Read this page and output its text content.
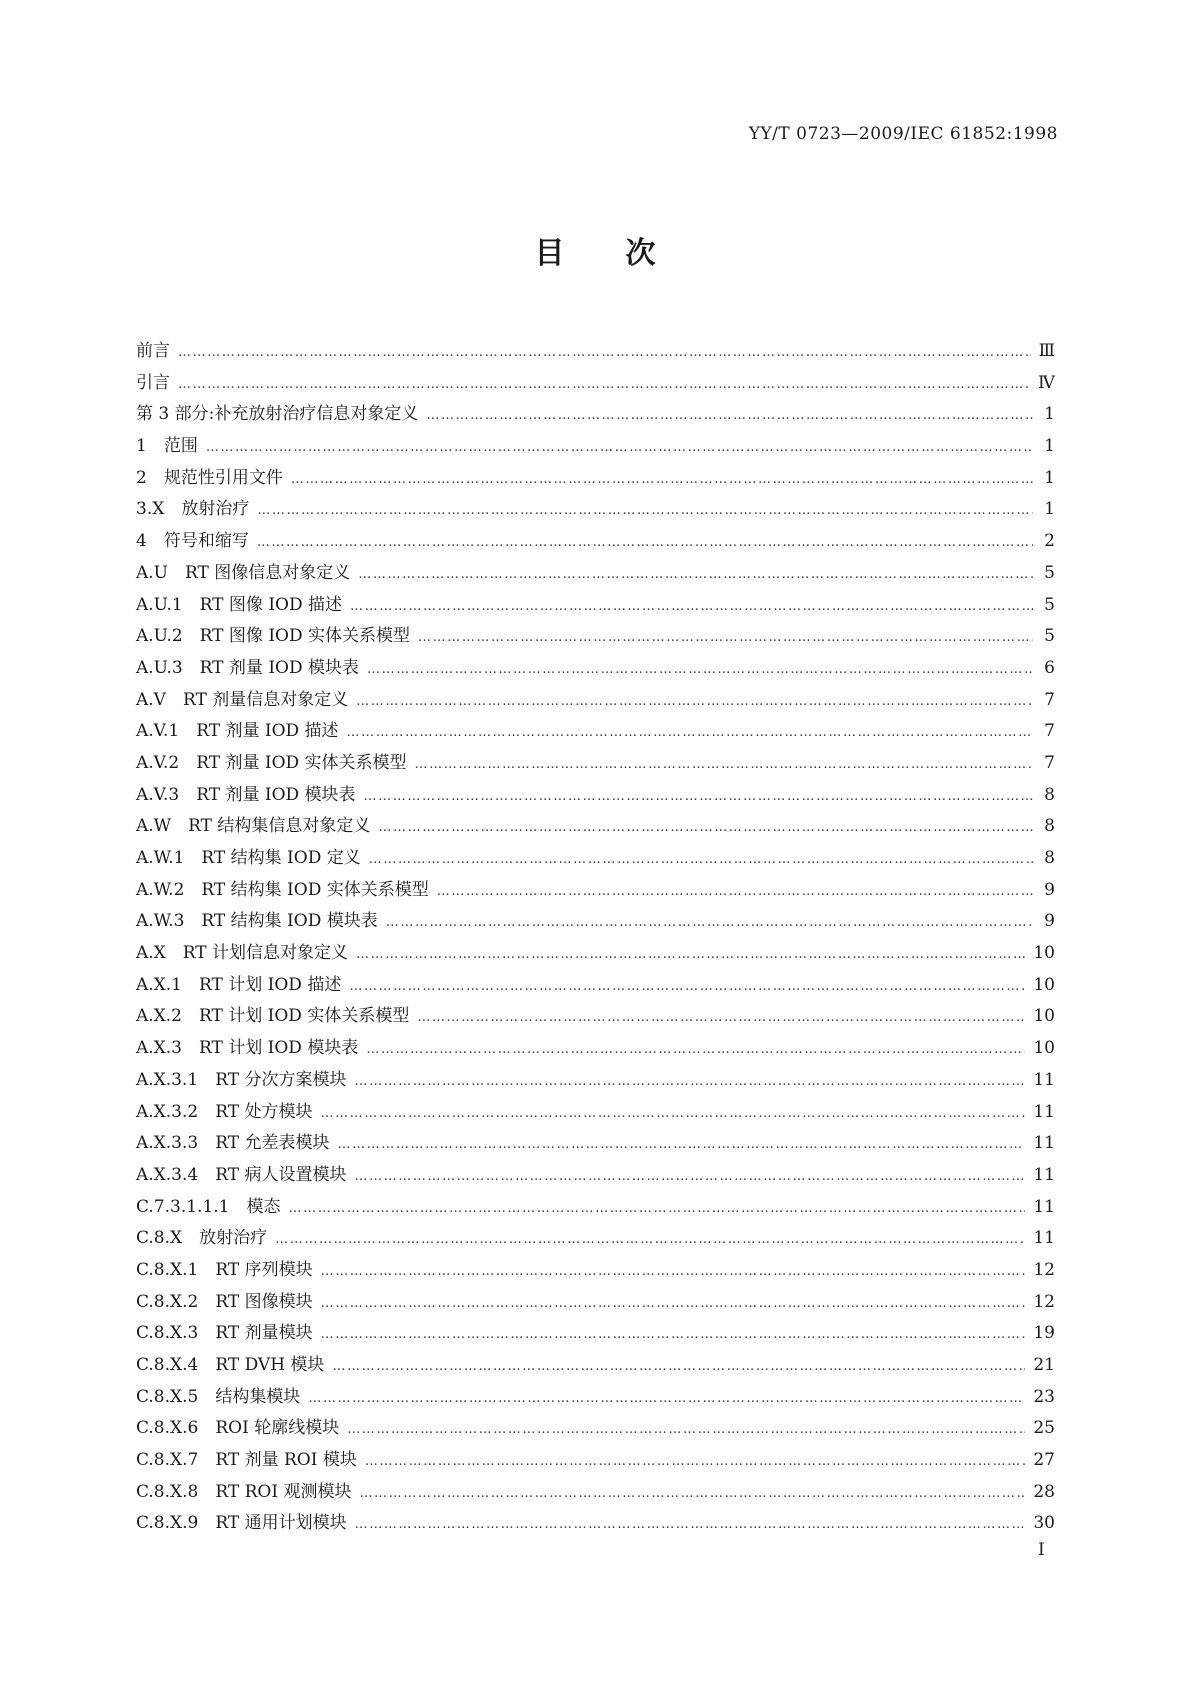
YY/T 0723—2009/IEC 61852:1998
目 次
前言 ……………………………………………………………………………………………………………………………………………………………………………………………………………………………………………………………………	Ⅲ
引言 ……………………………………………………………………………………………………………………………………………………………………………………………………………………………………………………………………	Ⅳ
第 3 部分:补充放射治疗信息对象定义 ……………………………………………………………………………………………………………………………………………………………………………………………………………………………………………………………………	1
1　范围 ……………………………………………………………………………………………………………………………………………………………………………………………………………………………………………………………………	1
2　规范性引用文件 ……………………………………………………………………………………………………………………………………………………………………………………………………………………………………………………………………	1
3.X　放射治疗 ……………………………………………………………………………………………………………………………………………………………………………………………………………………………………………………………………	1
4　符号和缩写 ……………………………………………………………………………………………………………………………………………………………………………………………………………………………………………………………………	2
A.U　RT 图像信息对象定义 ……………………………………………………………………………………………………………………………………………………………………………………………………………………………………………………………………	5
A.U.1　RT 图像 IOD 描述 ……………………………………………………………………………………………………………………………………………………………………………………………………………………………………………………………………	5
A.U.2　RT 图像 IOD 实体关系模型 ……………………………………………………………………………………………………………………………………………………………………………………………………………………………………………………………………	5
A.U.3　RT 剂量 IOD 模块表 ……………………………………………………………………………………………………………………………………………………………………………………………………………………………………………………………………	6
A.V　RT 剂量信息对象定义 ……………………………………………………………………………………………………………………………………………………………………………………………………………………………………………………………………	7
A.V.1　RT 剂量 IOD 描述 ……………………………………………………………………………………………………………………………………………………………………………………………………………………………………………………………………	7
A.V.2　RT 剂量 IOD 实体关系模型 ……………………………………………………………………………………………………………………………………………………………………………………………………………………………………………………………………	7
A.V.3　RT 剂量 IOD 模块表 ……………………………………………………………………………………………………………………………………………………………………………………………………………………………………………………………………	8
A.W　RT 结构集信息对象定义 ……………………………………………………………………………………………………………………………………………………………………………………………………………………………………………………………………	8
A.W.1　RT 结构集 IOD 定义 ……………………………………………………………………………………………………………………………………………………………………………………………………………………………………………………………………	8
A.W.2　RT 结构集 IOD 实体关系模型 ……………………………………………………………………………………………………………………………………………………………………………………………………………………………………………………………………	9
A.W.3　RT 结构集 IOD 模块表 ……………………………………………………………………………………………………………………………………………………………………………………………………………………………………………………………………	9
A.X　RT 计划信息对象定义 ……………………………………………………………………………………………………………………………………………………………………………………………………………………………………………………………………	10
A.X.1　RT 计划 IOD 描述 ……………………………………………………………………………………………………………………………………………………………………………………………………………………………………………………………………	10
A.X.2　RT 计划 IOD 实体关系模型 ……………………………………………………………………………………………………………………………………………………………………………………………………………………………………………………………………	10
A.X.3　RT 计划 IOD 模块表 ……………………………………………………………………………………………………………………………………………………………………………………………………………………………………………………………………	10
A.X.3.1　RT 分次方案模块 ……………………………………………………………………………………………………………………………………………………………………………………………………………………………………………………………………	11
A.X.3.2　RT 处方模块 ……………………………………………………………………………………………………………………………………………………………………………………………………………………………………………………………………	11
A.X.3.3　RT 允差表模块 ……………………………………………………………………………………………………………………………………………………………………………………………………………………………………………………………………	11
A.X.3.4　RT 病人设置模块 ……………………………………………………………………………………………………………………………………………………………………………………………………………………………………………………………………	11
C.7.3.1.1.1　模态 ……………………………………………………………………………………………………………………………………………………………………………………………………………………………………………………………………	11
C.8.X　放射治疗 ……………………………………………………………………………………………………………………………………………………………………………………………………………………………………………………………………	11
C.8.X.1　RT 序列模块 ……………………………………………………………………………………………………………………………………………………………………………………………………………………………………………………………………	12
C.8.X.2　RT 图像模块 ……………………………………………………………………………………………………………………………………………………………………………………………………………………………………………………………………	12
C.8.X.3　RT 剂量模块 ……………………………………………………………………………………………………………………………………………………………………………………………………………………………………………………………………	19
C.8.X.4　RT DVH 模块 ……………………………………………………………………………………………………………………………………………………………………………………………………………………………………………………………………	21
C.8.X.5　结构集模块 ……………………………………………………………………………………………………………………………………………………………………………………………………………………………………………………………………	23
C.8.X.6　ROI 轮廓线模块 ……………………………………………………………………………………………………………………………………………………………………………………………………………………………………………………………………	25
C.8.X.7　RT 剂量 ROI 模块 ……………………………………………………………………………………………………………………………………………………………………………………………………………………………………………………………………	27
C.8.X.8　RT ROI 观测模块 ……………………………………………………………………………………………………………………………………………………………………………………………………………………………………………………………………	28
C.8.X.9　RT 通用计划模块 ……………………………………………………………………………………………………………………………………………………………………………………………………………………………………………………………………	30
I
